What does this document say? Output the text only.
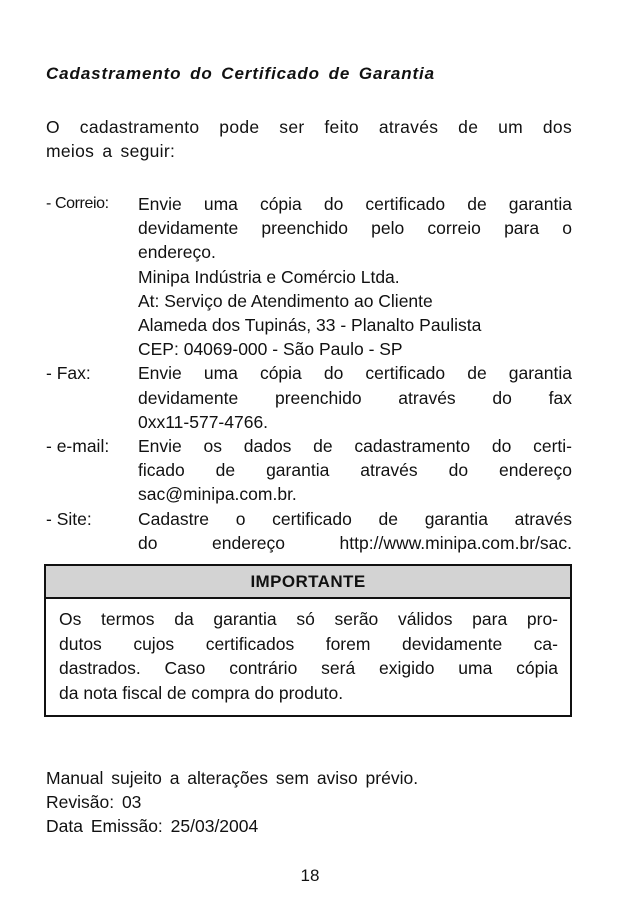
Cadastramento do Certificado de Garantia
O cadastramento pode ser feito através de um dos
meios a seguir:
- Correio:	Envie uma cópia do certificado de garantia
devidamente preenchido pelo correio para o
endereço.
Minipa Indústria e Comércio Ltda.
At: Serviço de Atendimento ao Cliente
Alameda dos Tupinás, 33 - Planalto Paulista
CEP: 04069-000 - São Paulo - SP
- Fax:	Envie uma cópia do certificado de garantia
devidamente preenchido através do fax
0xx11-577-4766.
- e-mail:	Envie os dados de cadastramento do certi-
ficado de garantia através do endereço
sac@minipa.com.br.
- Site:	Cadastre o certificado de garantia através
do endereço http://www.minipa.com.br/sac.
IMPORTANTE
Os termos da garantia só serão válidos para pro-
dutos cujos certificados forem devidamente ca-
dastrados. Caso contrário será exigido uma cópia
da nota fiscal de compra do produto.
Manual sujeito a alterações sem aviso prévio.
Revisão: 03
Data Emissão: 25/03/2004
18
